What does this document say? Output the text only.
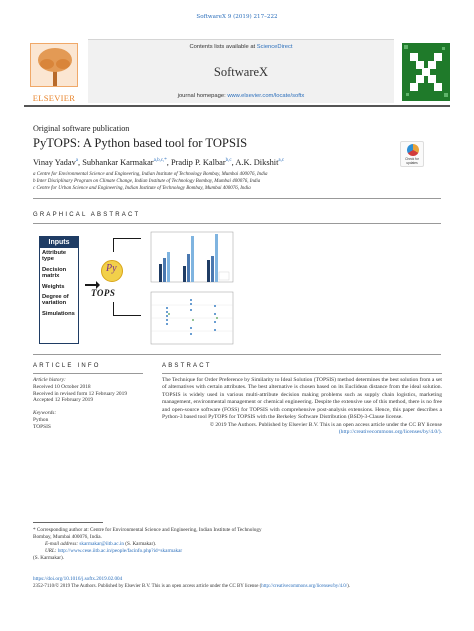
SoftwareX 9 (2019) 217–222
ELSEVIER
Contents lists available at ScienceDirect
SoftwareX
journal homepage: www.elsevier.com/locate/softx
Original software publication
PyTOPS: A Python based tool for TOPSIS
Check for updates
Vinay Yadav$^a$, Subhankar Karmakar$^{a,b,c,*}$, Pradip P. Kalbar$^{b,c}$, A.K. Dikshit$^{a,c}$
a Centre for Environmental Science and Engineering, Indian Institute of Technology Bombay, Mumbai 400076, India
b Inter Disciplinary Program on Climate Change, Indian Institute of Technology Bombay, Mumbai 400076, India
c Centre for Urban Science and Engineering, Indian Institute of Technology Bombay, Mumbai 400076, India
GRAPHICAL ABSTRACT
Inputs
Attribute type
Decision matrix
Weights
Degree of variation
Simulations
Py
TOPS
ARTICLE INFO	ABSTRACT
Article history:
Received 10 October 2018
Received in revised form 12 February 2019
Accepted 12 February 2019
Keywords:
Python
TOPSIS

The Technique for Order Preference by Similarity to Ideal Solution (TOPSIS) method determines the best solution from a set of alternatives with certain attributes. The best alternative is chosen based on its Euclidean distance from the ideal solution. TOPSIS is widely used in various multi-attribute decision making problems such as supply chain logistics, marketing management, environmental management or chemical engineering. Despite the extensive use of this method, there is no free and open-source software (FOSS) for TOPSIS with comprehensive post-analysis extensions. Hence, this paper describes a Python-3 based tool PyTOPS for TOPSIS with the Berkeley Software Distribution (BSD)-3-Clause license.

© 2019 The Authors. Published by Elsevier B.V. This is an open access article under the CC BY license
(http://creativecommons.org/licenses/by/4.0/).

* Corresponding author at: Centre for Environmental Science and Engineering, Indian Institute of Technology Bombay, Mumbai 400076, India.
E-mail address: skarmakar@iitb.ac.in (S. Karmakar).
URL: http://www.cese.iitb.ac.in/people/facinfo.php?id=skarmakar
(S. Karmakar).
https://doi.org/10.1016/j.softx.2019.02.004
2352-7110/© 2019 The Authors. Published by Elsevier B.V. This is an open access article under the CC BY license (http://creativecommons.org/licenses/by/4.0/).
